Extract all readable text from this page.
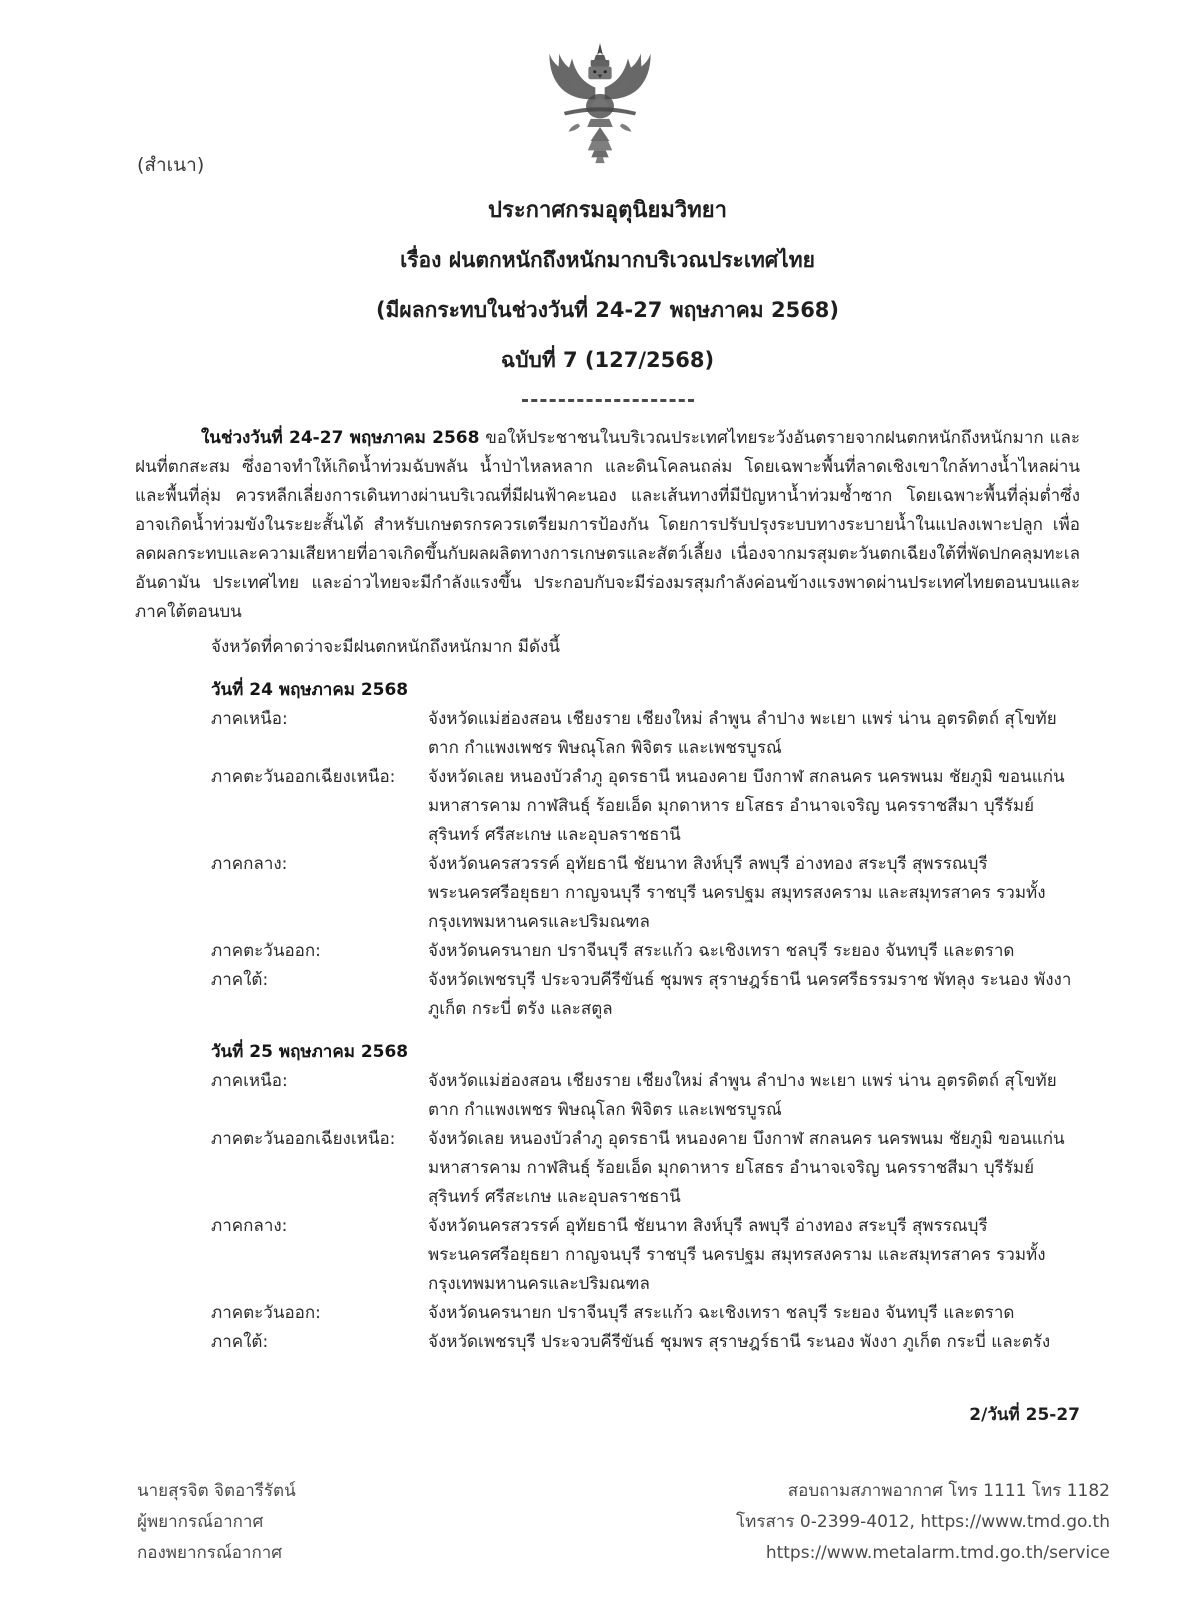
(สำเนา)
ประกาศกรมอุตุนิยมวิทยา
เรื่อง ฝนตกหนักถึงหนักมากบริเวณประเทศไทย
(มีผลกระทบในช่วงวันที่ 24-27 พฤษภาคม 2568)
ฉบับที่ 7 (127/2568)

ในช่วงวันที่ 24-27 พฤษภาคม 2568 ขอให้ประชาชนในบริเวณประเทศไทยระวังอันตรายจากฝนตกหนักถึงหนักมาก และฝนที่ตกสะสม ซึ่งอาจทำให้เกิดน้ำท่วมฉับพลัน น้ำป่าไหลหลาก และดินโคลนถล่ม โดยเฉพาะพื้นที่ลาดเชิงเขาใกล้ทางน้ำไหลผ่าน และพื้นที่ลุ่ม ควรหลีกเลี่ยงการเดินทางผ่านบริเวณที่มีฝนฟ้าคะนอง และเส้นทางที่มีปัญหาน้ำท่วมซ้ำซาก โดยเฉพาะพื้นที่ลุ่มต่ำซึ่งอาจเกิดน้ำท่วมขังในระยะสั้นได้ สำหรับเกษตรกรควรเตรียมการป้องกัน โดยการปรับปรุงระบบทางระบายน้ำในแปลงเพาะปลูก เพื่อลดผลกระทบและความเสียหายที่อาจเกิดขึ้นกับผลผลิตทางการเกษตรและสัตว์เลี้ยง เนื่องจากมรสุมตะวันตกเฉียงใต้ที่พัดปกคลุมทะเลอันดามัน ประเทศไทย และอ่าวไทยจะมีกำลังแรงขึ้น ประกอบกับจะมีร่องมรสุมกำลังค่อนข้างแรงพาดผ่านประเทศไทยตอนบนและภาคใต้ตอนบน

จังหวัดที่คาดว่าจะมีฝนตกหนักถึงหนักมาก มีดังนี้

วันที่ 24 พฤษภาคม 2568
ภาคเหนือ:	จังหวัดแม่ฮ่องสอน เชียงราย เชียงใหม่ ลำพูน ลำปาง พะเยา แพร่ น่าน อุตรดิตถ์ สุโขทัย ตาก กำแพงเพชร พิษณุโลก พิจิตร และเพชรบูรณ์
ภาคตะวันออกเฉียงเหนือ:	จังหวัดเลย หนองบัวลำภู อุดรธานี หนองคาย บึงกาฬ สกลนคร นครพนม ชัยภูมิ ขอนแก่น มหาสารคาม กาฬสินธุ์ ร้อยเอ็ด มุกดาหาร ยโสธร อำนาจเจริญ นครราชสีมา บุรีรัมย์ สุรินทร์ ศรีสะเกษ และอุบลราชธานี
ภาคกลาง:	จังหวัดนครสวรรค์ อุทัยธานี ชัยนาท สิงห์บุรี ลพบุรี อ่างทอง สระบุรี สุพรรณบุรี พระนครศรีอยุธยา กาญจนบุรี ราชบุรี นครปฐม สมุทรสงคราม และสมุทรสาคร รวมทั้งกรุงเทพมหานครและปริมณฑล
ภาคตะวันออก:	จังหวัดนครนายก ปราจีนบุรี สระแก้ว ฉะเชิงเทรา ชลบุรี ระยอง จันทบุรี และตราด
ภาคใต้:	จังหวัดเพชรบุรี ประจวบคีรีขันธ์ ชุมพร สุราษฎร์ธานี นครศรีธรรมราช พัทลุง ระนอง พังงา ภูเก็ต กระบี่ ตรัง และสตูล
วันที่ 25 พฤษภาคม 2568
ภาคเหนือ:	จังหวัดแม่ฮ่องสอน เชียงราย เชียงใหม่ ลำพูน ลำปาง พะเยา แพร่ น่าน อุตรดิตถ์ สุโขทัย ตาก กำแพงเพชร พิษณุโลก พิจิตร และเพชรบูรณ์
ภาคตะวันออกเฉียงเหนือ:	จังหวัดเลย หนองบัวลำภู อุดรธานี หนองคาย บึงกาฬ สกลนคร นครพนม ชัยภูมิ ขอนแก่น มหาสารคาม กาฬสินธุ์ ร้อยเอ็ด มุกดาหาร ยโสธร อำนาจเจริญ นครราชสีมา บุรีรัมย์ สุรินทร์ ศรีสะเกษ และอุบลราชธานี
ภาคกลาง:	จังหวัดนครสวรรค์ อุทัยธานี ชัยนาท สิงห์บุรี ลพบุรี อ่างทอง สระบุรี สุพรรณบุรี พระนครศรีอยุธยา กาญจนบุรี ราชบุรี นครปฐม สมุทรสงคราม และสมุทรสาคร รวมทั้งกรุงเทพมหานครและปริมณฑล
ภาคตะวันออก:	จังหวัดนครนายก ปราจีนบุรี สระแก้ว ฉะเชิงเทรา ชลบุรี ระยอง จันทบุรี และตราด
ภาคใต้:	จังหวัดเพชรบุรี ประจวบคีรีขันธ์ ชุมพร สุราษฎร์ธานี ระนอง พังงา ภูเก็ต กระบี่ และตรัง
2/วันที่ 25-27
นายสุรจิต จิตอารีรัตน์
ผู้พยากรณ์อากาศ
กองพยากรณ์อากาศ
สอบถามสภาพอากาศ โทร 1111 โทร 1182
โทรสาร 0-2399-4012, https://www.tmd.go.th
https://www.metalarm.tmd.go.th/service
